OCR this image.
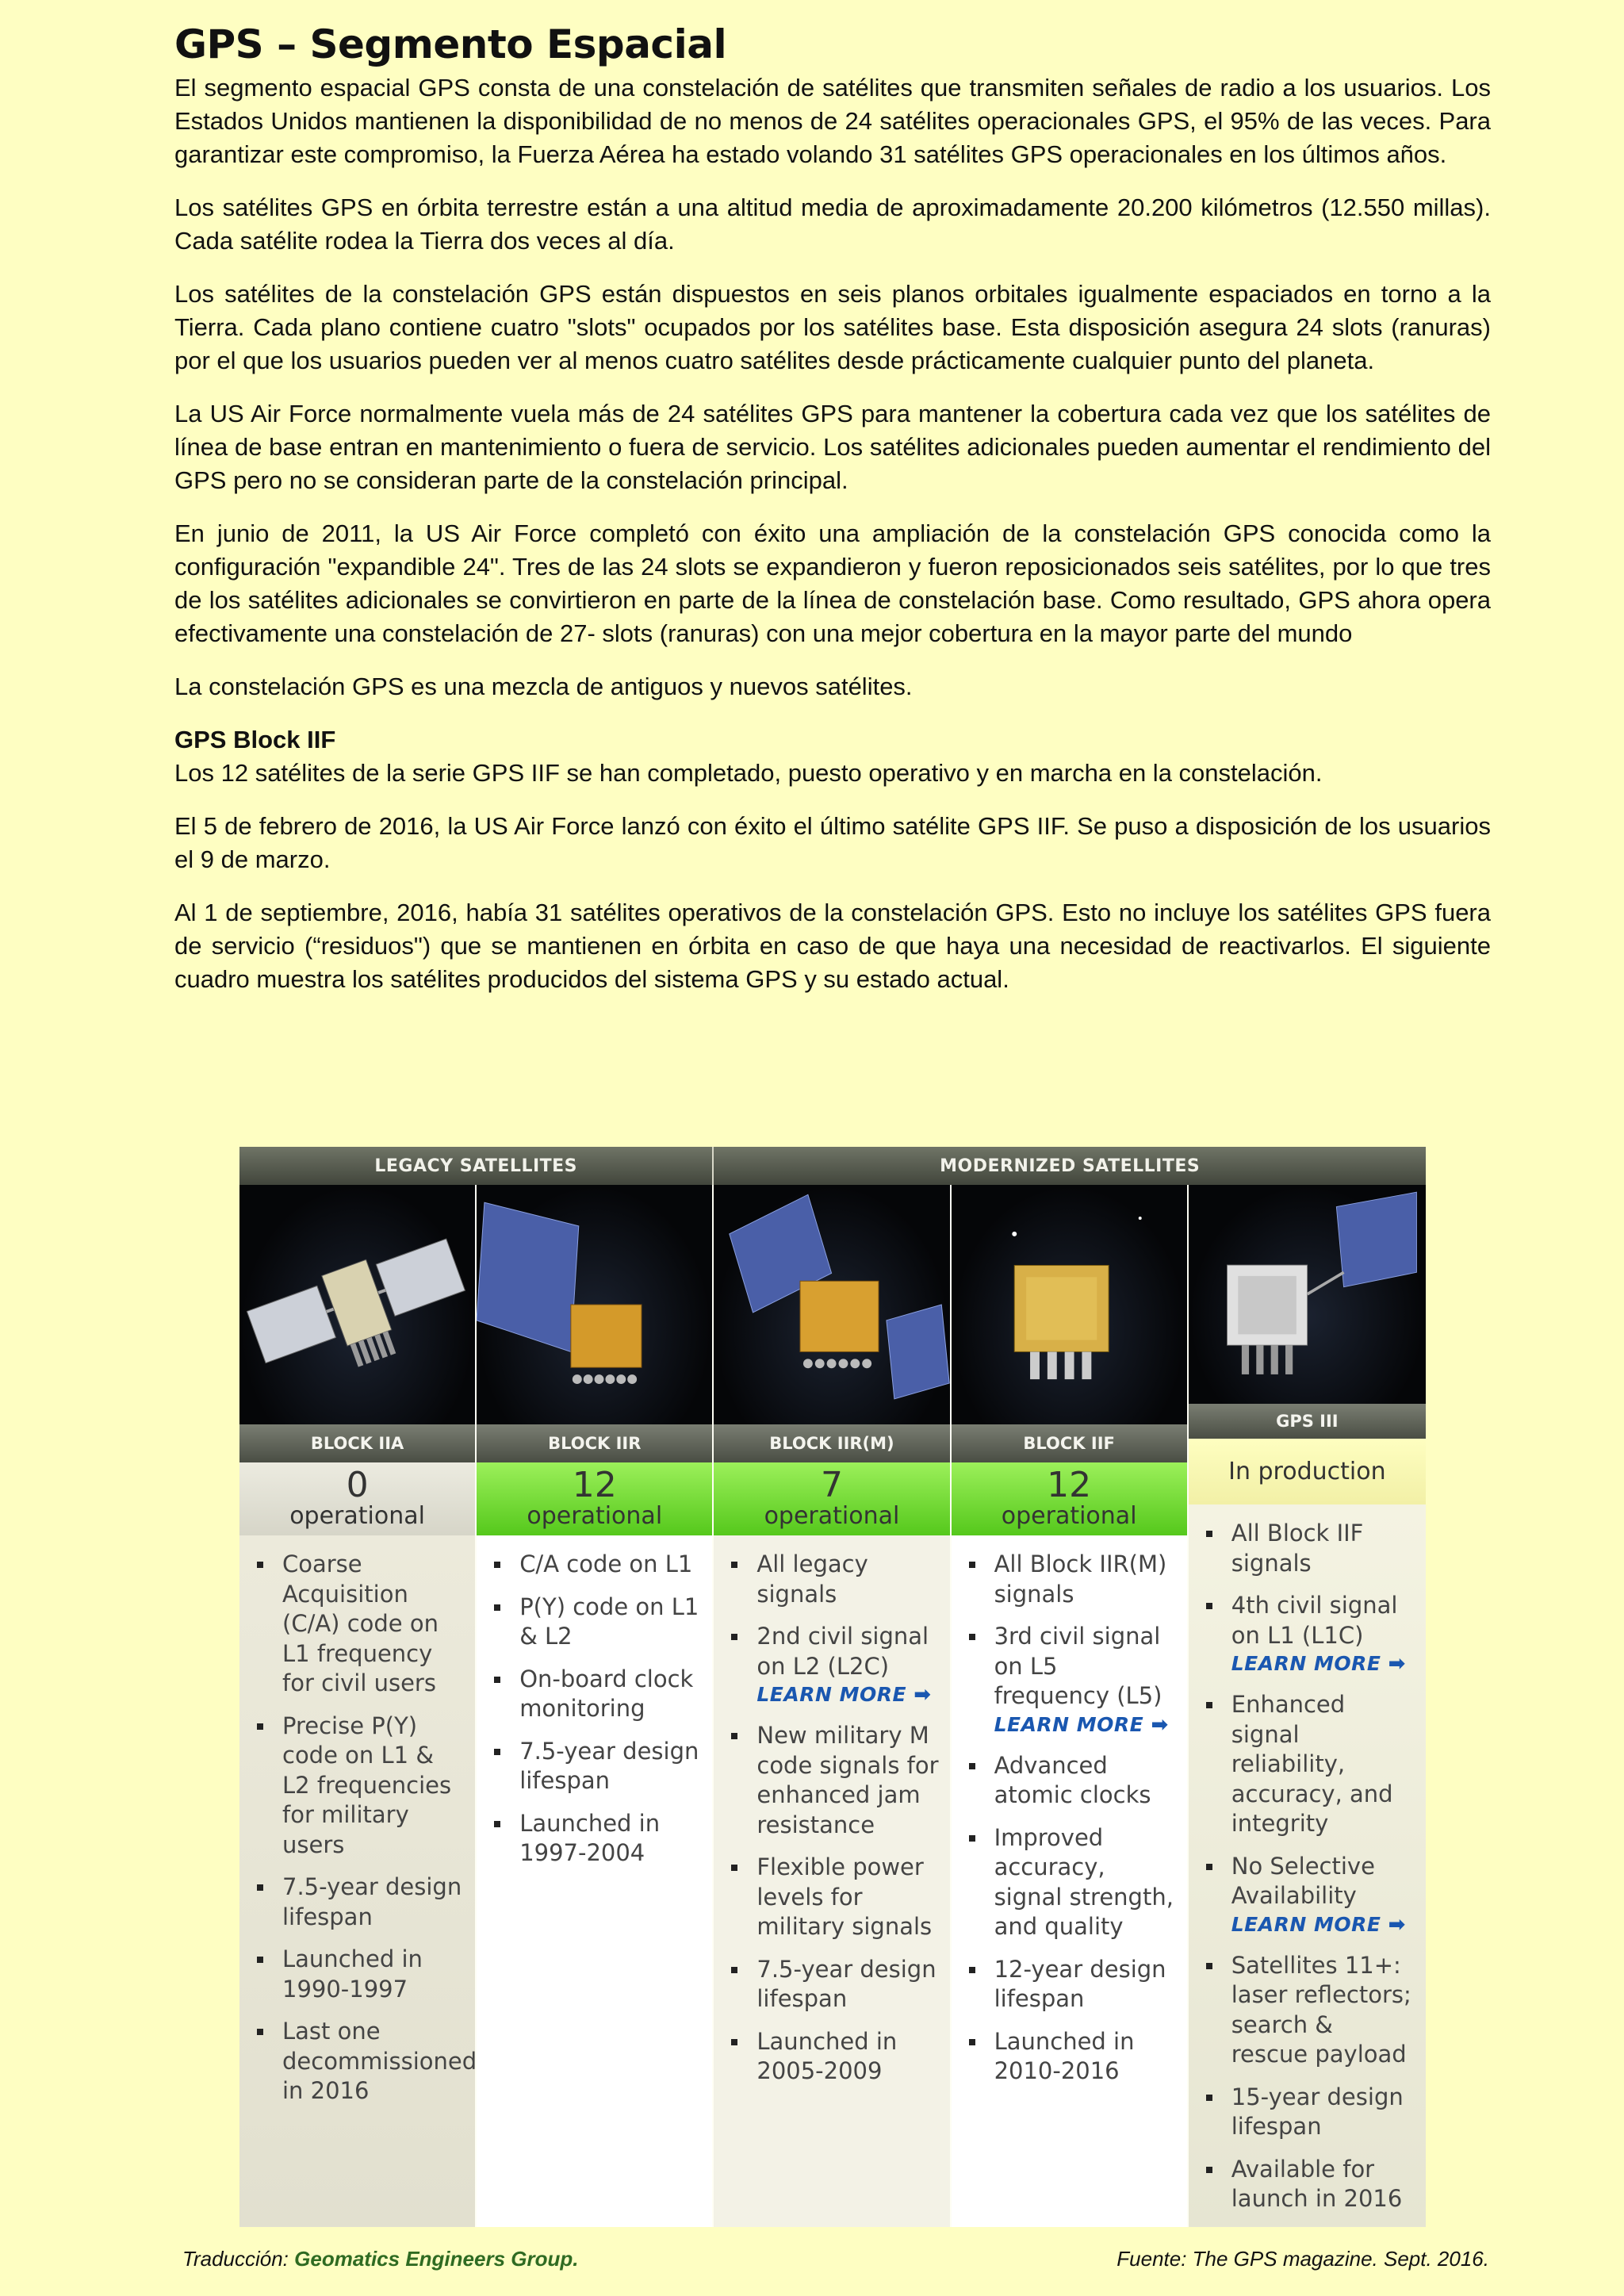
GPS – Segmento Espacial

El segmento espacial GPS consta de una constelación de satélites que transmiten señales de radio a los usuarios. Los Estados Unidos mantienen la disponibilidad de no menos de 24 satélites operacionales GPS, el 95% de las veces. Para garantizar este compromiso, la Fuerza Aérea ha estado volando 31 satélites GPS operacionales en los últimos años.

Los satélites GPS en órbita terrestre están a una altitud media de aproximadamente 20.200 kilómetros (12.550 millas). Cada satélite rodea la Tierra dos veces al día.

Los satélites de la constelación GPS están dispuestos en seis planos orbitales igualmente espaciados en torno a la Tierra. Cada plano contiene cuatro "slots" ocupados por los satélites base. Esta disposición asegura 24 slots (ranuras) por el que los usuarios pueden ver al menos cuatro satélites desde prácticamente cualquier punto del planeta.

La US Air Force normalmente vuela más de 24 satélites GPS para mantener la cobertura cada vez que los satélites de línea de base entran en mantenimiento o fuera de servicio. Los satélites adicionales pueden aumentar el rendimiento del GPS pero no se consideran parte de la constelación principal.

En junio de 2011, la US Air Force completó con éxito una ampliación de la constelación GPS conocida como la configuración "expandible 24". Tres de las 24 slots se expandieron y fueron reposicionados seis satélites, por lo que tres de los satélites adicionales se convirtieron en parte de la línea de constelación base. Como resultado, GPS ahora opera efectivamente una constelación de 27- slots (ranuras) con una mejor cobertura en la mayor parte del mundo

La constelación GPS es una mezcla de antiguos y nuevos satélites.

GPS Block IIF

Los 12 satélites de la serie GPS IIF se han completado, puesto operativo y en marcha en la constelación.

El 5 de febrero de 2016, la US Air Force lanzó con éxito el último satélite GPS IIF. Se puso a disposición de los usuarios el 9 de marzo.

Al 1 de septiembre, 2016, había 31 satélites operativos de la constelación GPS. Esto no incluye los satélites GPS fuera de servicio (“residuos") que se mantienen en órbita en caso de que haya una necesidad de reactivarlos. El siguiente cuadro muestra los satélites producidos del sistema GPS y su estado actual.

LEGACY SATELLITES	MODERNIZED SATELLITES
BLOCK IIA
0
operational
Coarse Acquisition (C/A) code on L1 frequency for civil users
Precise P(Y) code on L1 & L2 frequencies for military users
7.5-year design lifespan
Launched in 1990-1997
Last one decommissioned in 2016
BLOCK IIR
12
operational
C/A code on L1
P(Y) code on L1 & L2
On-board clock monitoring
7.5-year design lifespan
Launched in 1997-2004
BLOCK IIR(M)
7
operational
All legacy signals
2nd civil signal on L2 (L2C)
LEARN MORE ➡
New military M code signals for enhanced jam resistance
Flexible power levels for military signals
7.5-year design lifespan
Launched in 2005-2009
BLOCK IIF
12
operational
All Block IIR(M) signals
3rd civil signal on L5 frequency (L5)
LEARN MORE ➡
Advanced atomic clocks
Improved accuracy, signal strength, and quality
12-year design lifespan
Launched in 2010-2016
GPS III
In production
All Block IIF signals
4th civil signal on L1 (L1C)
LEARN MORE ➡
Enhanced signal reliability, accuracy, and integrity
No Selective Availability
LEARN MORE ➡
Satellites 11+: laser reflectors; search & rescue payload
15-year design lifespan
Available for launch in 2016
Traducción: Geomatics Engineers Group.	Fuente: The GPS magazine. Sept. 2016.
